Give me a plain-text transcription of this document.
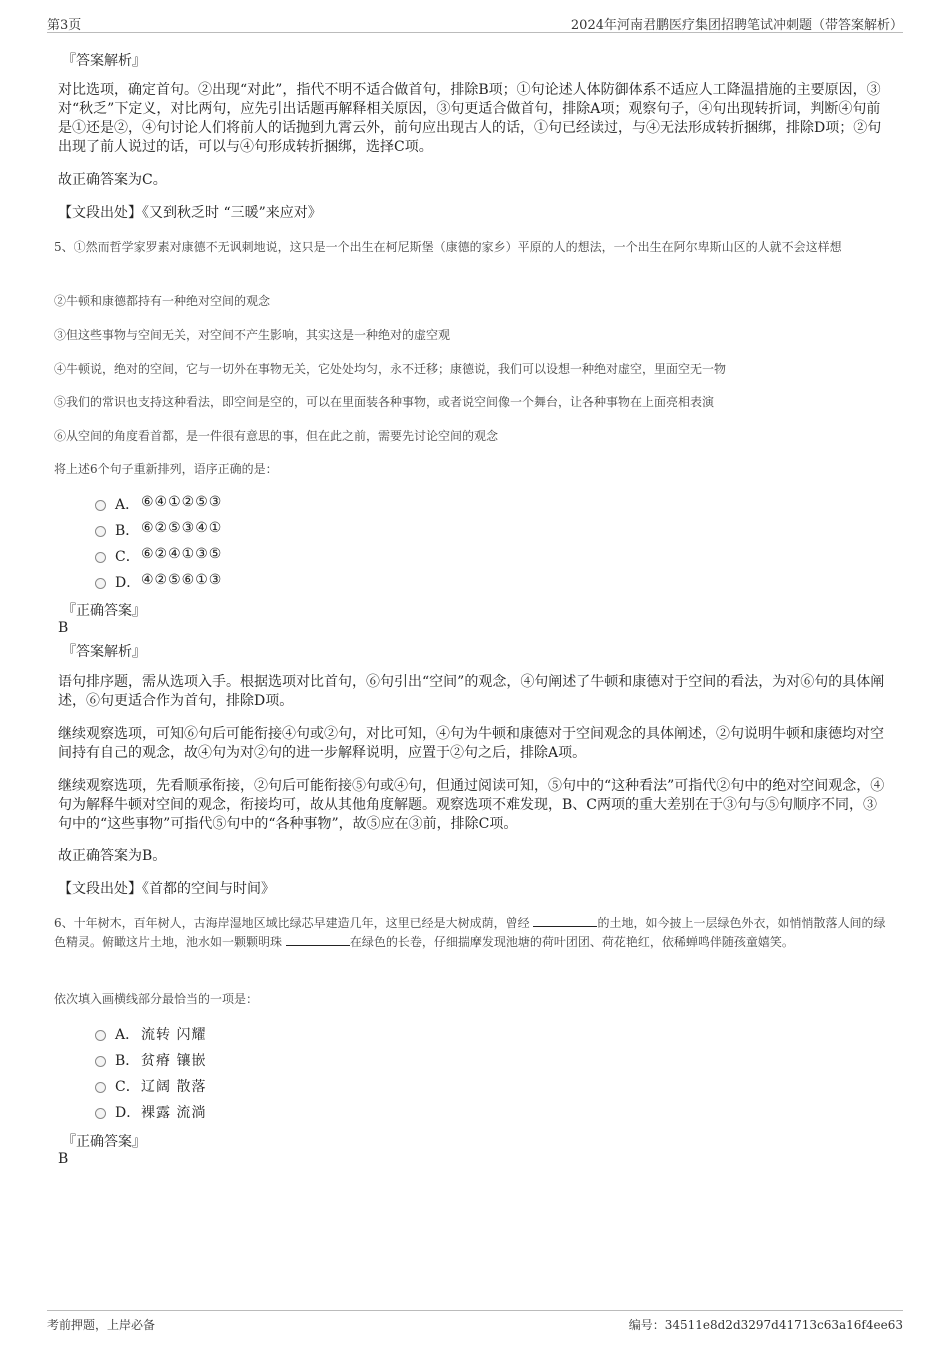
第3页	2024年河南君鹏医疗集团招聘笔试冲刺题（带答案解析）
『答案解析』
对比选项，确定首句。②出现“对此”，指代不明不适合做首句，排除B项；①句论述人体防御体系不适应人工降温措施的主要原因，③对“秋乏”下定义，对比两句，应先引出话题再解释相关原因，③句更适合做首句，排除A项；观察句子，④句出现转折词，判断④句前是①还是②，④句讨论人们将前人的话抛到九霄云外，前句应出现古人的话，①句已经读过，与④无法形成转折捆绑，排除D项；②句出现了前人说过的话，可以与④句形成转折捆绑，选择C项。
故正确答案为C。
【文段出处】《又到秋乏时 “三暖”来应对》
5、①然而哲学家罗素对康德不无讽刺地说，这只是一个出生在柯尼斯堡（康德的家乡）平原的人的想法，一个出生在阿尔卑斯山区的人就不会这样想
②牛顿和康德都持有一种绝对空间的观念
③但这些事物与空间无关，对空间不产生影响，其实这是一种绝对的虚空观
④牛顿说，绝对的空间，它与一切外在事物无关，它处处均匀，永不迁移；康德说，我们可以设想一种绝对虚空，里面空无一物
⑤我们的常识也支持这种看法，即空间是空的，可以在里面装各种事物，或者说空间像一个舞台，让各种事物在上面亮相表演
⑥从空间的角度看首都，是一件很有意思的事，但在此之前，需要先讨论空间的观念
将上述6个句子重新排列，语序正确的是：
A． ⑥④①②⑤③
B． ⑥②⑤③④①
C． ⑥②④①③⑤
D． ④②⑤⑥①③
『正确答案』
B
『答案解析』
语句排序题，需从选项入手。根据选项对比首句，⑥句引出“空间”的观念，④句阐述了牛顿和康德对于空间的看法，为对⑥句的具体阐述，⑥句更适合作为首句，排除D项。
继续观察选项，可知⑥句后可能衔接④句或②句，对比可知，④句为牛顿和康德对于空间观念的具体阐述，②句说明牛顿和康德均对空间持有自己的观念，故④句为对②句的进一步解释说明，应置于②句之后，排除A项。
继续观察选项，先看顺承衔接，②句后可能衔接⑤句或④句，但通过阅读可知，⑤句中的“这种看法”可指代②句中的绝对空间观念，④句为解释牛顿对空间的观念，衔接均可，故从其他角度解题。观察选项不难发现，B、C两项的重大差别在于③句与⑤句顺序不同，③句中的“这些事物”可指代⑤句中的“各种事物”，故⑤应在③前，排除C项。
故正确答案为B。
【文段出处】《首都的空间与时间》
6、十年树木，百年树人，古海岸湿地区域比绿芯早建造几年，这里已经是大树成荫，曾经	的土地，如今披上一层绿色外衣，如悄悄散落人间的绿色精灵。俯瞰这片土地，池水如一颗颗明珠	在绿色的长卷，仔细揣摩发现池塘的荷叶团团、荷花艳红，依稀蝉鸣伴随孩童嬉笑。
依次填入画横线部分最恰当的一项是：
A． 流转 闪耀
B． 贫瘠 镶嵌
C． 辽阔 散落
D． 裸露 流淌
『正确答案』
B
考前押题，上岸必备	编号：34511e8d2d3297d41713c63a16f4ee63
